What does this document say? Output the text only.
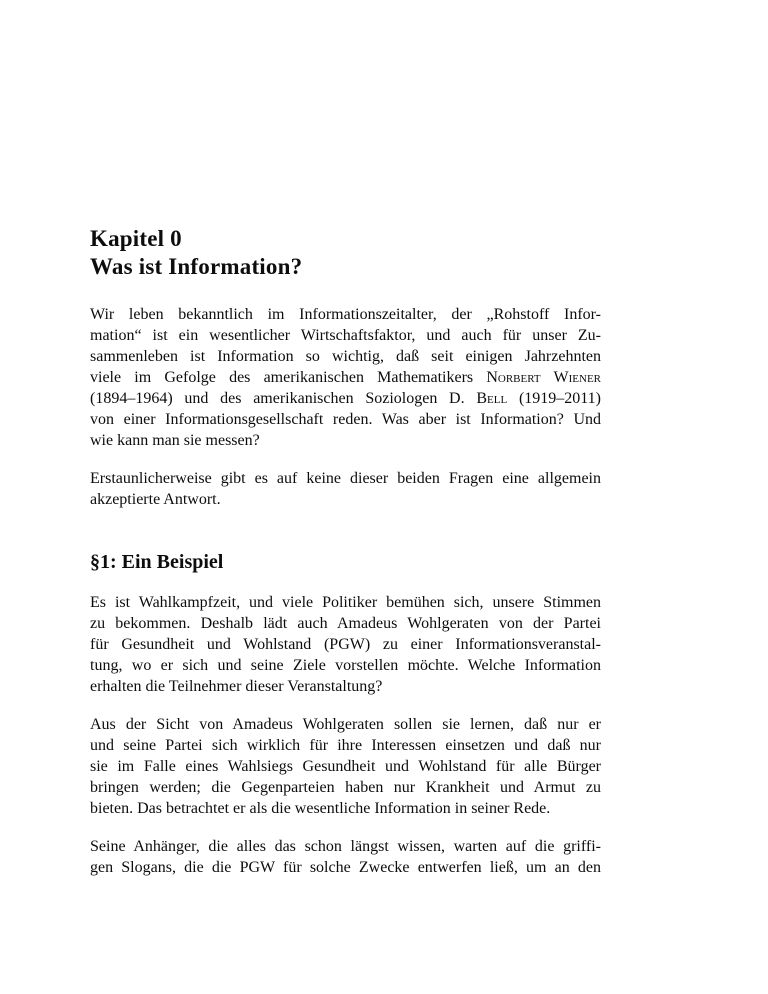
Kapitel 0
Was ist Information?
Wir leben bekanntlich im Informationszeitalter, der „Rohstoff Infor-
mation“ ist ein wesentlicher Wirtschaftsfaktor, und auch für unser Zu-
sammenleben ist Information so wichtig, daß seit einigen Jahrzehnten
viele im Gefolge des amerikanischen Mathematikers Norbert Wiener
(1894–1964) und des amerikanischen Soziologen D. Bell (1919–2011)
von einer Informationsgesellschaft reden. Was aber ist Information? Und
wie kann man sie messen?
Erstaunlicherweise gibt es auf keine dieser beiden Fragen eine allgemein
akzeptierte Antwort.
§1: Ein Beispiel
Es ist Wahlkampfzeit, und viele Politiker bemühen sich, unsere Stimmen
zu bekommen. Deshalb lädt auch Amadeus Wohlgeraten von der Partei
für Gesundheit und Wohlstand (PGW) zu einer Informationsveranstal-
tung, wo er sich und seine Ziele vorstellen möchte. Welche Information
erhalten die Teilnehmer dieser Veranstaltung?
Aus der Sicht von Amadeus Wohlgeraten sollen sie lernen, daß nur er
und seine Partei sich wirklich für ihre Interessen einsetzen und daß nur
sie im Falle eines Wahlsiegs Gesundheit und Wohlstand für alle Bürger
bringen werden; die Gegenparteien haben nur Krankheit und Armut zu
bieten. Das betrachtet er als die wesentliche Information in seiner Rede.
Seine Anhänger, die alles das schon längst wissen, warten auf die griffi-
gen Slogans, die die PGW für solche Zwecke entwerfen ließ, um an den
